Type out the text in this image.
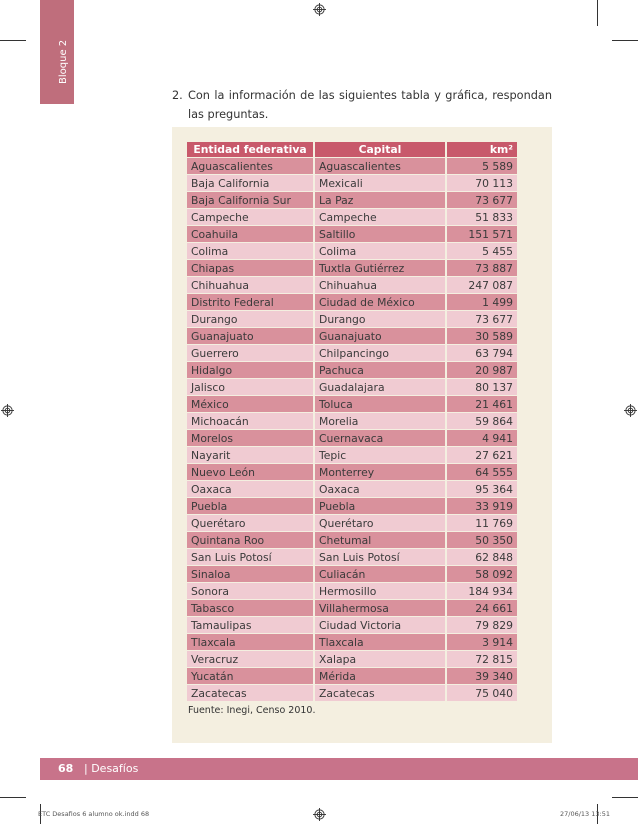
Bloque 2
2. Con la información de las siguientes tabla y gráfica, respondan las preguntas.
Entidad federativa	Capital	km²
Aguascalientes	Aguascalientes	5 589
Baja California	Mexicali	70 113
Baja California Sur	La Paz	73 677
Campeche	Campeche	51 833
Coahuila	Saltillo	151 571
Colima	Colima	5 455
Chiapas	Tuxtla Gutiérrez	73 887
Chihuahua	Chihuahua	247 087
Distrito Federal	Ciudad de México	1 499
Durango	Durango	73 677
Guanajuato	Guanajuato	30 589
Guerrero	Chilpancingo	63 794
Hidalgo	Pachuca	20 987
Jalisco	Guadalajara	80 137
México	Toluca	21 461
Michoacán	Morelia	59 864
Morelos	Cuernavaca	4 941
Nayarit	Tepic	27 621
Nuevo León	Monterrey	64 555
Oaxaca	Oaxaca	95 364
Puebla	Puebla	33 919
Querétaro	Querétaro	11 769
Quintana Roo	Chetumal	50 350
San Luis Potosí	San Luis Potosí	62 848
Sinaloa	Culiacán	58 092
Sonora	Hermosillo	184 934
Tabasco	Villahermosa	24 661
Tamaulipas	Ciudad Victoria	79 829
Tlaxcala	Tlaxcala	3 914
Veracruz	Xalapa	72 815
Yucatán	Mérida	39 340
Zacatecas	Zacatecas	75 040
Fuente: Inegi, Censo 2010.
68 | Desafíos
ETC Desafios 6 alumno ok.indd 68	27/06/13 13:51
